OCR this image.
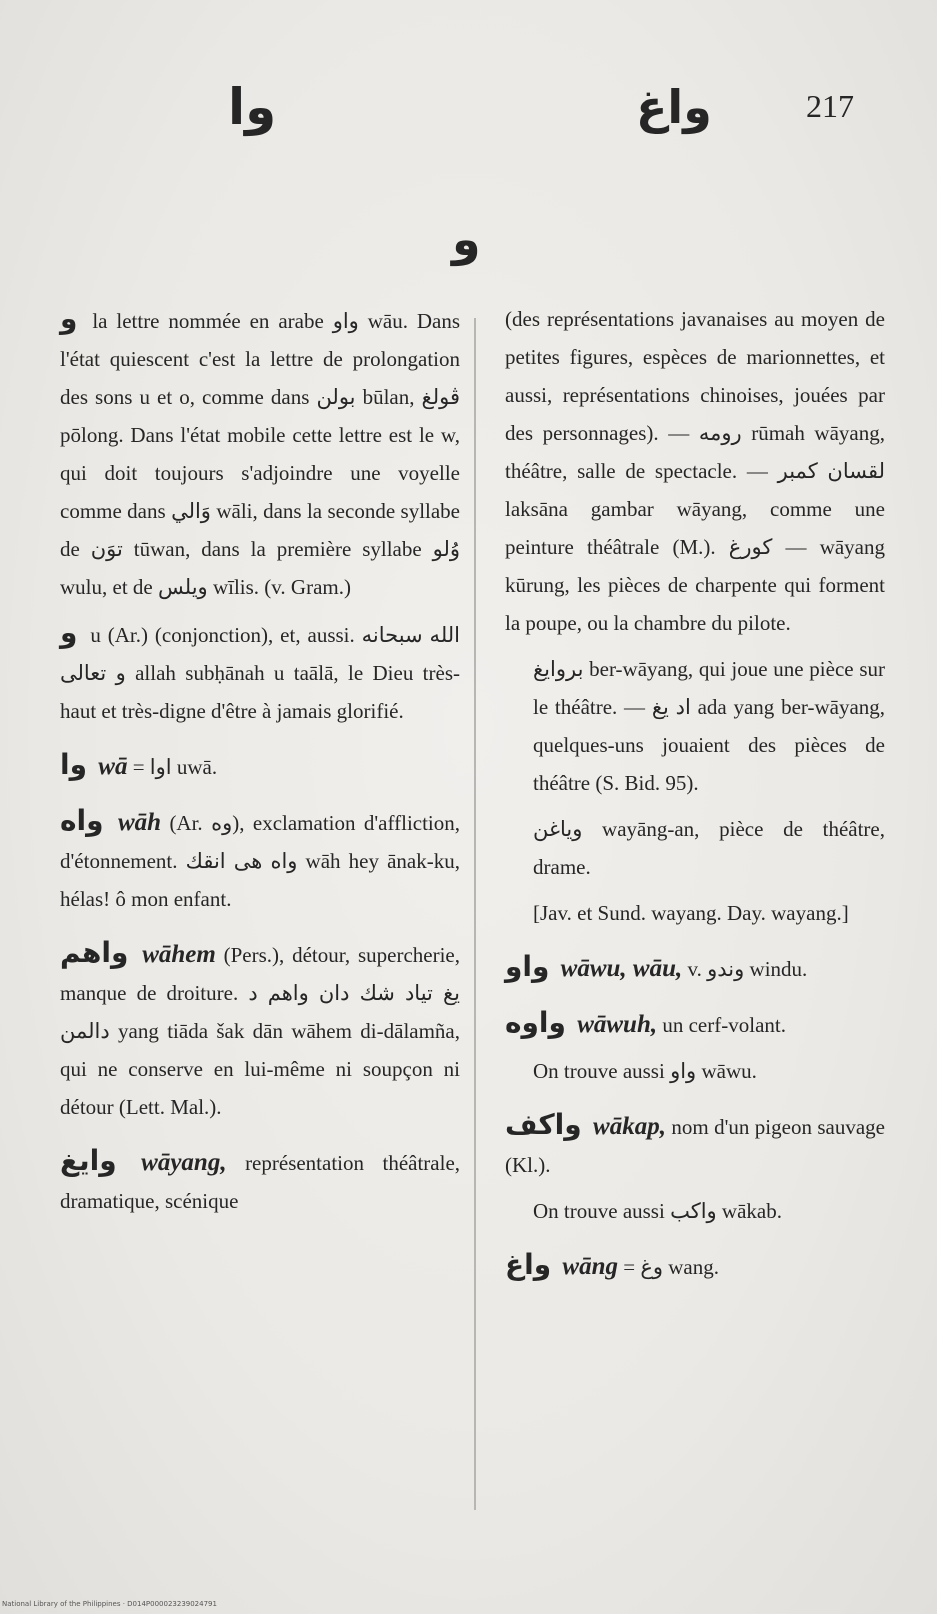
وا	واغ	217
و

و la lettre nommée en arabe واو wāu. Dans l'état quiescent c'est la lettre de prolongation des sons u et o, comme dans بولن būlan, ڤولغ pōlong. Dans l'état mobile cette lettre est le w, qui doit toujours s'adjoindre une voyelle comme dans وَالي wāli, dans la seconde syllabe de توَن tūwan, dans la première syllabe وُلو wulu, et de ويلس wīlis. (v. Gram.)

و u (Ar.) (conjonction), et, aussi. الله سبحانه و تعالى allah subḥānah u taālā, le Dieu très-haut et très-digne d'être à jamais glorifié.

وا wā = اوا uwā.

واه wāh (Ar. وه), exclamation d'affliction, d'étonnement. واه هى انقك wāh hey ānak-ku, hélas! ô mon enfant.

واهم wāhem (Pers.), détour, supercherie, manque de droiture. يغ تياد شك دان واهم د دالمن yang tiāda šak dān wāhem di-dālamña, qui ne conserve en lui-même ni soupçon ni détour (Lett. Mal.).

وايغ wāyang, représentation théâtrale, dramatique, scénique

(des représentations javanaises au moyen de petites figures, espèces de marionnettes, et aussi, représentations chinoises, jouées par des personnages). — رومه rūmah wāyang, théâtre, salle de spectacle. — لقسان كمبر laksāna gambar wāyang, comme une peinture théâtrale (M.). كورغ — wāyang kūrung, les pièces de charpente qui forment la poupe, ou la chambre du pilote.

بروايغ ber-wāyang, qui joue une pièce sur le théâtre. — اد يغ ada yang ber-wāyang, quelques-uns jouaient des pièces de théâtre (S. Bid. 95).

وياغن wayāng-an, pièce de théâtre, drame.

[Jav. et Sund. wayang. Day. wayang.]

واو wāwu, wāu, v. وندو windu.

واوه wāwuh, un cerf-volant.

On trouve aussi واو wāwu.

واكف wākap, nom d'un pigeon sauvage (Kl.).

On trouve aussi واكب wākab.

واغ wāng = وغ wang.

National Library of the Philippines · D014P000023239024791
